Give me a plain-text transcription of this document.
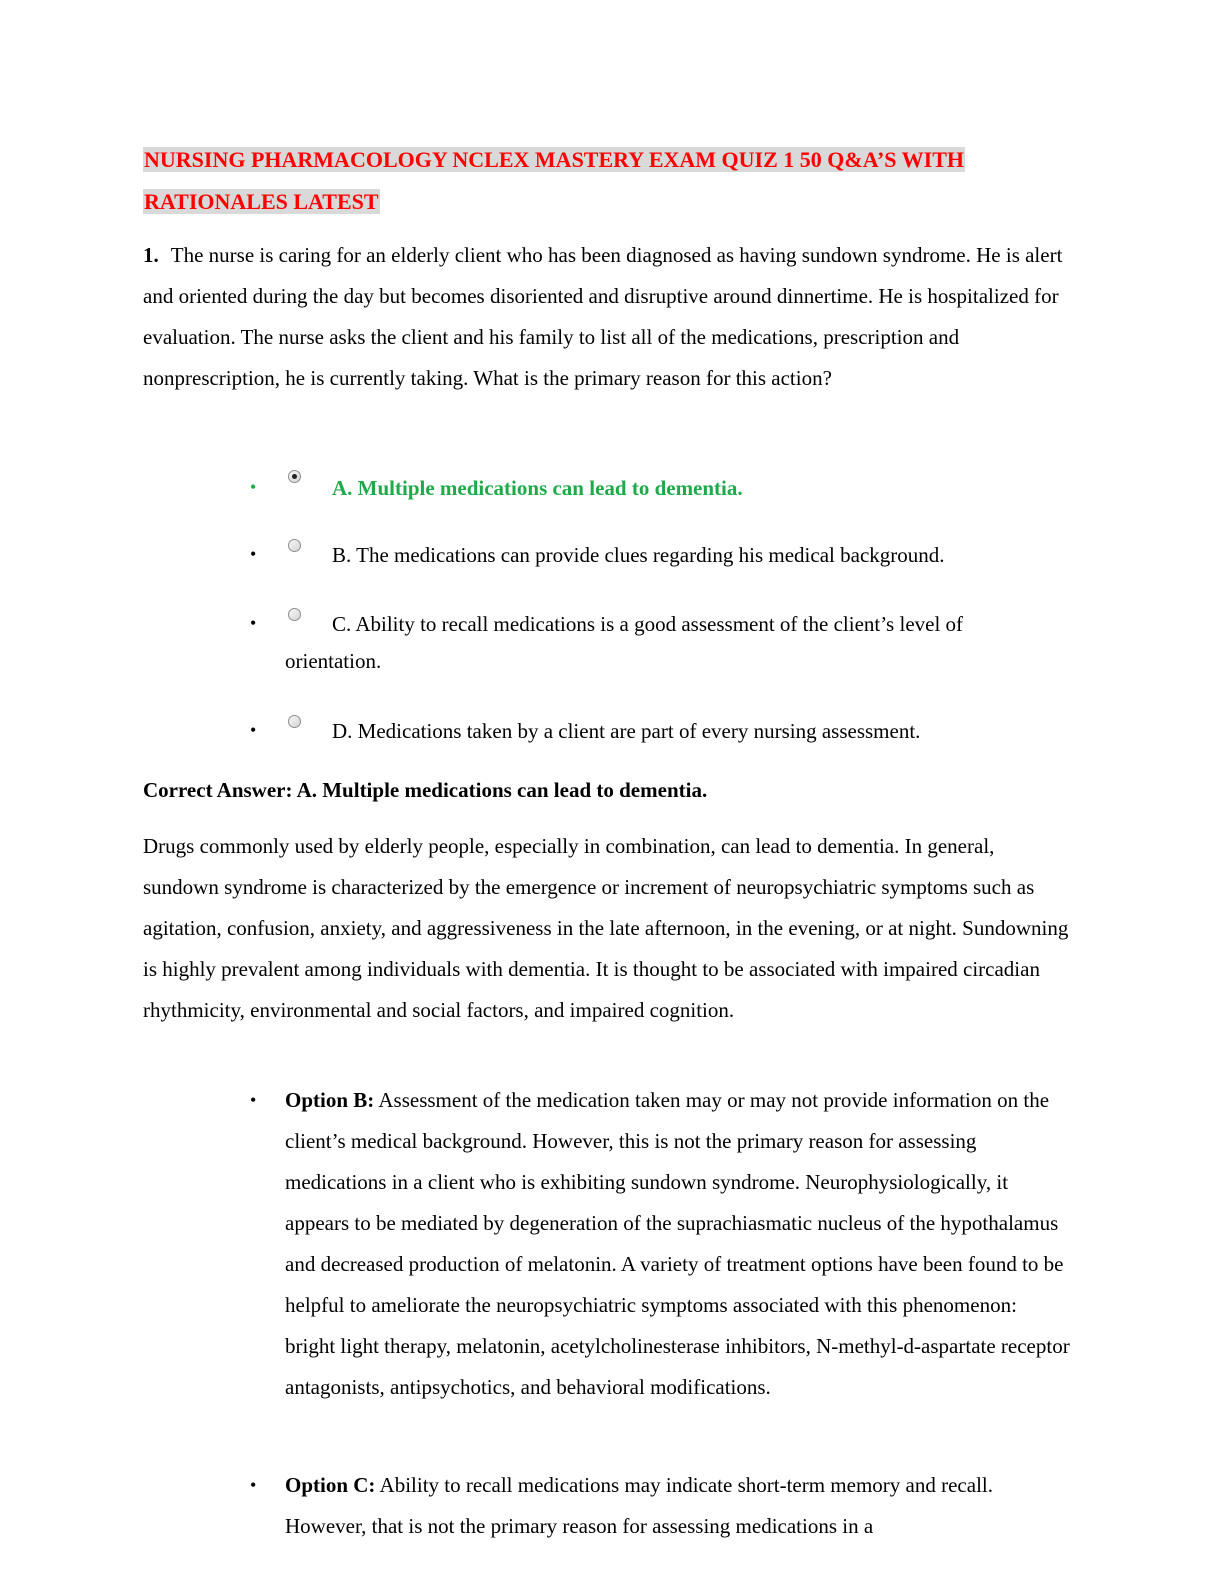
NURSING PHARMACOLOGY NCLEX MASTERY EXAM QUIZ 1 50 Q&A’S WITH
RATIONALES LATEST

1. The nurse is caring for an elderly client who has been diagnosed as having sundown syndrome. He is alert and oriented during the day but becomes disoriented and disruptive around dinnertime. He is hospitalized for evaluation. The nurse asks the client and his family to list all of the medications, prescription and nonprescription, he is currently taking. What is the primary reason for this action?

•	A. Multiple medications can lead to dementia.
•	B. The medications can provide clues regarding his medical background.
•	C. Ability to recall medications is a good assessment of the client’s level of orientation.
•	D. Medications taken by a client are part of every nursing assessment.
Correct Answer: A. Multiple medications can lead to dementia.

Drugs commonly used by elderly people, especially in combination, can lead to dementia. In general, sundown syndrome is characterized by the emergence or increment of neuropsychiatric symptoms such as agitation, confusion, anxiety, and aggressiveness in the late afternoon, in the evening, or at night. Sundowning is highly prevalent among individuals with dementia. It is thought to be associated with impaired circadian rhythmicity, environmental and social factors, and impaired cognition.

• Option B: Assessment of the medication taken may or may not provide information on the client’s medical background. However, this is not the primary reason for assessing medications in a client who is exhibiting sundown syndrome. Neurophysiologically, it appears to be mediated by degeneration of the suprachiasmatic nucleus of the hypothalamus and decreased production of melatonin. A variety of treatment options have been found to be helpful to ameliorate the neuropsychiatric symptoms associated with this phenomenon: bright light therapy, melatonin, acetylcholinesterase inhibitors, N-methyl-d-aspartate receptor antagonists, antipsychotics, and behavioral modifications.
• Option C: Ability to recall medications may indicate short-term memory and recall. However, that is not the primary reason for assessing medications in a
